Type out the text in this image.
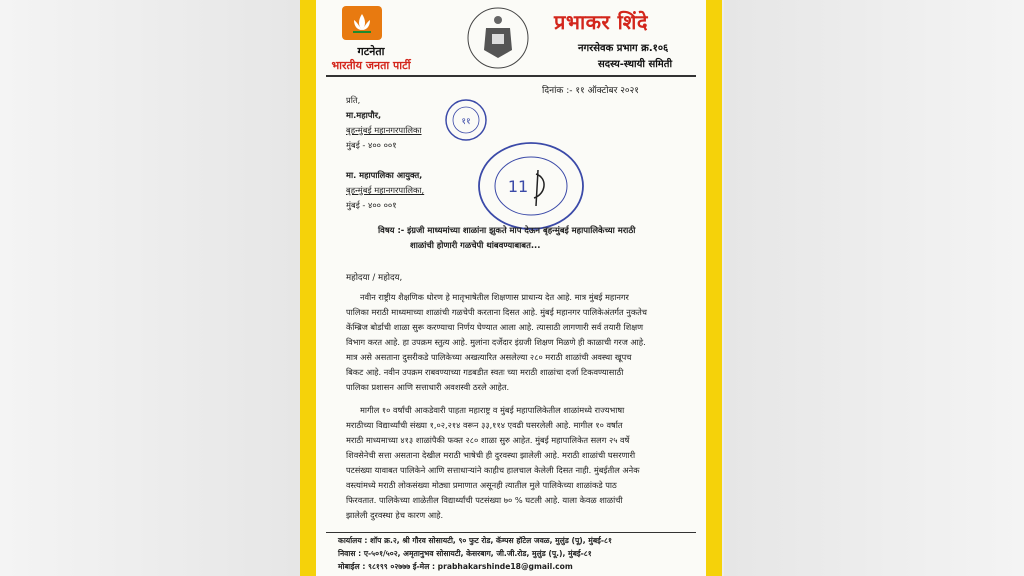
गटनेता
भारतीय जनता पार्टी
प्रभाकर शिंदे
नगरसेवक प्रभाग क्र.१०६
सदस्य-स्थायी समिती
दिनांक :- ११ ऑक्टोबर २०२१
प्रति,
मा.महापौर,
बृहन्मुंबई महानगरपालिका
मुंबई - ४०० ००१
मा. महापालिका आयुक्त,
बृहन्मुंबई महानगरपालिका,
मुंबई - ४०० ००१
११
11
विषय :- इंग्रजी माध्यमांच्या शाळांना झुकते माप देऊन बृहन्मुंबई महापालिकेच्या मराठी
शाळांची होणारी गळचेपी थांबवण्याबाबत...
महोदया / महोदय,

नवीन राष्ट्रीय शैक्षणिक धोरण हे मातृभाषेतील शिक्षणास प्राधान्य देत आहे. मात्र मुंबई महानगर

पालिका मराठी माध्यमाच्या शाळांची गळचेपी करताना दिसत आहे. मुंबई महानगर पालिकेअंतर्गत नुकतेच

केंम्ब्रिज बोर्डाची शाळा सुरू करण्याचा निर्णय घेण्यात आला आहे. त्यासाठी लागणारी सर्व तयारी शिक्षण

विभाग करत आहे. हा उपक्रम स्तुत्य आहे. मुलांना दर्जेदार इंग्रजी शिक्षण मिळणे ही काळाची गरज आहे.

मात्र असे असताना दुसरीकडे पालिकेच्या अखत्यारित असलेल्या २८० मराठी शाळांची अवस्था खूपच

बिकट आहे. नवीन उपक्रम राबवण्याच्या गडबडीत स्वतः च्या मराठी शाळांचा दर्जा टिकवण्यासाठी

पालिका प्रशासन आणि सत्ताधारी अवशस्वी ठरले आहेत.

मागील १० वर्षांची आकडेवारी पाहता महाराष्ट्र व मुंबई महापालिकेतील शाळांमध्ये राज्यभाषा

मराठीच्या विद्यार्थ्यांची संख्या १,०२,२१४ वरून ३३,११४ एवढी घसरलेली आहे. मागील १० वर्षात

मराठी माध्यमाच्या ४१३ शाळांपैकी फक्त २८० शाळा सुरु आहेत. मुंबई महापालिकेत सलग २५ वर्षे

शिवसेनेची सत्ता असताना देखील मराठी भाषेची ही दुरवस्था झालेली आहे. मराठी शाळांची घसरणारी

पटसंख्या यावाबत पालिकेने आणि सत्ताधाऱ्यांने काहीच हालचाल केलेली दिसत नाही. मुंबईतील अनेक

वस्त्यांमध्ये मराठी लोकसंख्या मोठ्या प्रमाणात असूनही त्यातील मुले पालिकेच्या शाळांकडे पाठ

फिरवतात. पालिकेच्या शाळेतील विद्यार्थ्यांची पटसंख्या ७० % घटली आहे. याला केवळ शाळांची

झालेली दुरवस्था हेच कारण आहे.

कार्यालय : शॉप क्र.२, श्री गौरव सोसायटी, ९० फुट रोड, कॅम्पस हॉटेल जवळ, मुलुंड (पू), मुंबई-८१
निवास : ए-५०१/५०२, अमृतानुभव सोसायटी, केसरबाग, जी.जी.रोड, मुलुंड (पू.), मुंबई-८१
मोबाईल : ९८१९९ ०२७७७ ई-मेल : prabhakarshinde18@gmail.com
